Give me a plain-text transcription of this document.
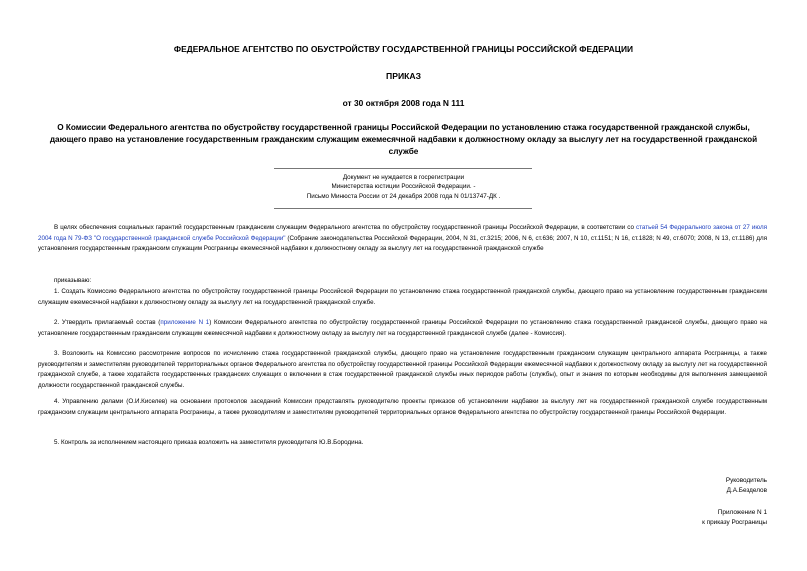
ФЕДЕРАЛЬНОЕ АГЕНТСТВО ПО ОБУСТРОЙСТВУ ГОСУДАРСТВЕННОЙ ГРАНИЦЫ РОССИЙСКОЙ ФЕДЕРАЦИИ
ПРИКАЗ
от 30 октября 2008 года N 111
О Комиссии Федерального агентства по обустройству государственной границы Российской Федерации по установлению стажа государственной гражданской службы, дающего право на установление государственным гражданским служащим ежемесячной надбавки к должностному окладу за выслугу лет на государственной гражданской службе
Документ не нуждается в госрегистрации
Министерства юстиции Российской Федерации. -
Письмо Минюста России от 24 декабря 2008 года N 01/13747-ДК .
В целях обеспечения социальных гарантий государственным гражданским служащим Федерального агентства по обустройству государственной границы Российской Федерации, в соответствии со статьей 54 Федерального закона от 27 июля 2004 года N 79-ФЗ "О государственной гражданской службе Российской Федерации" (Собрание законодательства Российской Федерации, 2004, N 31, ст.3215; 2006, N 6, ст.636; 2007, N 10, ст.1151; N 16, ст.1828; N 49, ст.6070; 2008, N 13, ст.1186) для установления государственным гражданским служащим Росграницы ежемесячной надбавки к должностному окладу за выслугу лет на государственной гражданской службе
приказываю:
1. Создать Комиссию Федерального агентства по обустройству государственной границы Российской Федерации по установлению стажа государственной гражданской службы, дающего право на установление государственным гражданским служащим ежемесячной надбавки к должностному окладу за выслугу лет на государственной гражданской службе.
2. Утвердить прилагаемый состав (приложение N 1) Комиссии Федерального агентства по обустройству государственной границы Российской Федерации по установлению стажа государственной гражданской службы, дающего право на установление государственным гражданским служащим ежемесячной надбавки к должностному окладу за выслугу лет на государственной гражданской службе (далее - Комиссия).
3. Возложить на Комиссию рассмотрение вопросов по исчислению стажа государственной гражданской службы, дающего право на установление государственным гражданским служащим центрального аппарата Росграницы, а также руководителям и заместителям руководителей территориальных органов Федерального агентства по обустройству государственной границы Российской Федерации ежемесячной надбавки к должностному окладу за выслугу лет на государственной гражданской службе, а также ходатайств государственных гражданских служащих о включении в стаж государственной гражданской службы иных периодов работы (службы), опыт и знания по которым необходимы для выполнения замещаемой должности государственной гражданской службы.
4. Управлению делами (О.И.Киселев) на основании протоколов заседаний Комиссии представлять руководителю проекты приказов об установлении надбавки за выслугу лет на государственной гражданской службе государственным гражданским служащим центрального аппарата Росграницы, а также руководителям и заместителям руководителей территориальных органов Федерального агентства по обустройству государственной границы Российской Федерации.
5. Контроль за исполнением настоящего приказа возложить на заместителя руководителя Ю.В.Бородина.
Руководитель
Д.А.Безделов
Приложение N 1
к приказу Росграницы
